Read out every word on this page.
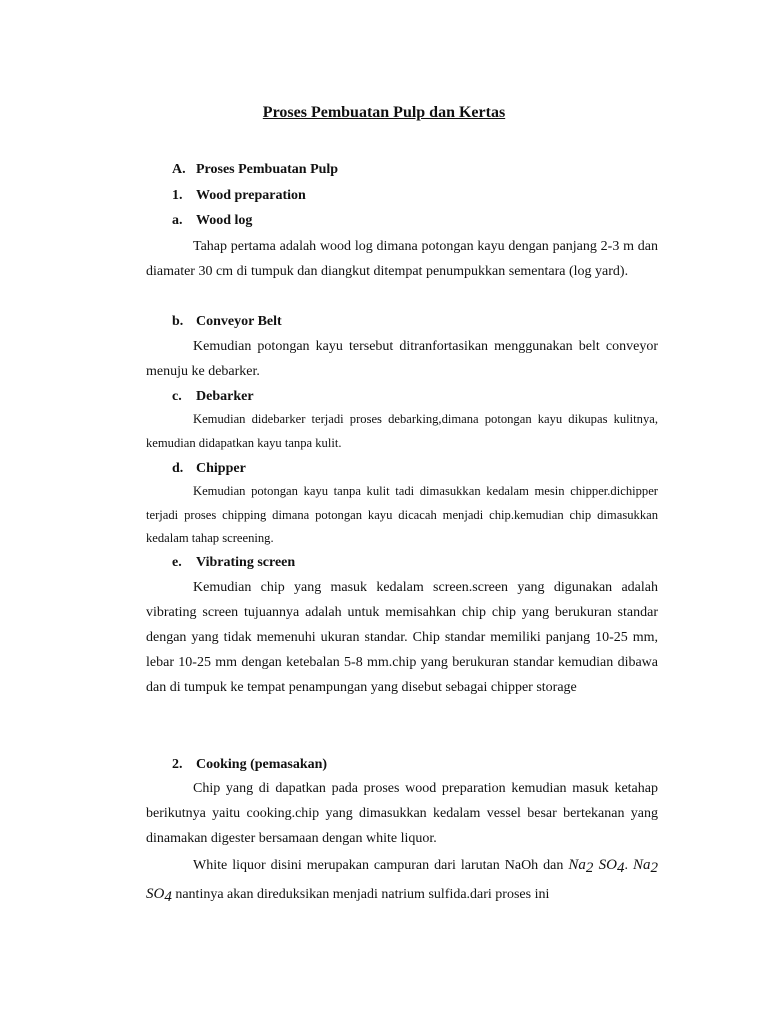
Proses Pembuatan Pulp dan Kertas
A. Proses Pembuatan Pulp
1. Wood preparation
a. Wood log
Tahap pertama adalah wood log dimana potongan kayu dengan panjang 2-3 m dan diamater 30 cm di tumpuk dan diangkut ditempat penumpukkan sementara (log yard).
b. Conveyor Belt
Kemudian potongan kayu tersebut ditranfortasikan menggunakan belt conveyor menuju ke debarker.
c. Debarker
Kemudian didebarker terjadi proses debarking,dimana potongan kayu dikupas kulitnya, kemudian didapatkan kayu tanpa kulit.
d. Chipper
Kemudian potongan kayu tanpa kulit tadi dimasukkan kedalam mesin chipper.dichipper terjadi proses chipping dimana potongan kayu dicacah menjadi chip.kemudian chip dimasukkan kedalam tahap screening.
e. Vibrating screen
Kemudian chip yang masuk kedalam screen.screen yang digunakan adalah vibrating screen tujuannya adalah untuk memisahkan chip chip yang berukuran standar dengan yang tidak memenuhi ukuran standar. Chip standar memiliki panjang 10-25 mm, lebar 10-25 mm dengan ketebalan 5-8 mm.chip yang berukuran standar kemudian dibawa dan di tumpuk ke tempat penampungan yang disebut sebagai chipper storage
2. Cooking (pemasakan)
Chip yang di dapatkan pada proses wood preparation kemudian masuk ketahap berikutnya yaitu cooking.chip yang dimasukkan kedalam vessel besar bertekanan yang dinamakan digester bersamaan dengan white liquor.
White liquor disini merupakan campuran dari larutan NaOh dan $Na_2$ $SO_4$. $Na_2$ $SO_4$ nantinya akan direduksikan menjadi natrium sulfida.dari proses ini
